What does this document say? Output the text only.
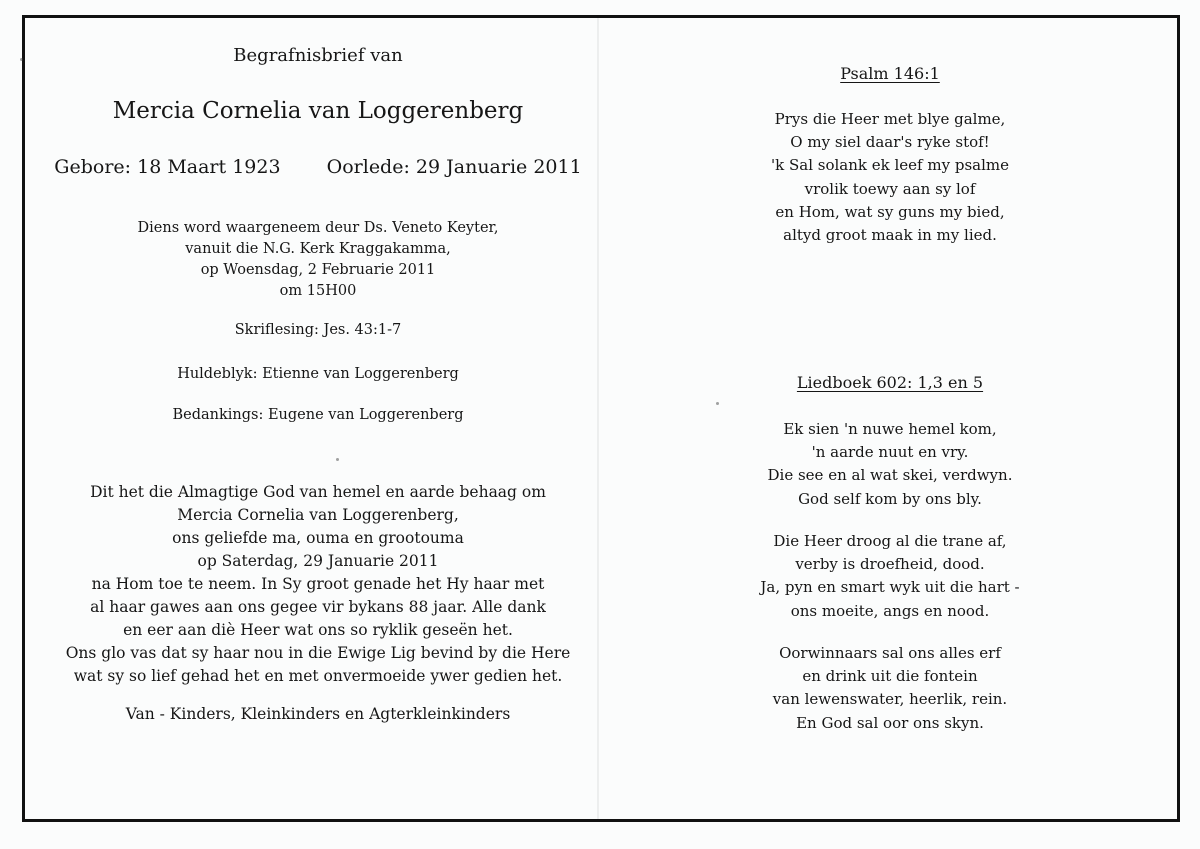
Begrafnisbrief van
Mercia Cornelia van Loggerenberg
Gebore: 18 Maart 1923 Oorlede: 29 Januarie 2011
Diens word waargeneem deur Ds. Veneto Keyter,
vanuit die N.G. Kerk Kraggakamma,
op Woensdag, 2 Februarie 2011
om 15H00
Skriflesing: Jes. 43:1-7
Huldeblyk: Etienne van Loggerenberg
Bedankings: Eugene van Loggerenberg
Dit het die Almagtige God van hemel en aarde behaag om
Mercia Cornelia van Loggerenberg,
ons geliefde ma, ouma en grootouma
op Saterdag, 29 Januarie 2011
na Hom toe te neem. In Sy groot genade het Hy haar met
al haar gawes aan ons gegee vir bykans 88 jaar. Alle dank
en eer aan diè Heer wat ons so ryklik geseën het.
Ons glo vas dat sy haar nou in die Ewige Lig bevind by die Here
wat sy so lief gehad het en met onvermoeide ywer gedien het.
Van - Kinders, Kleinkinders en Agterkleinkinders
Psalm 146:1
Prys die Heer met blye galme,
O my siel daar's ryke stof!
'k Sal solank ek leef my psalme
vrolik toewy aan sy lof
en Hom, wat sy guns my bied,
altyd groot maak in my lied.
Liedboek 602: 1,3 en 5
Ek sien 'n nuwe hemel kom,
'n aarde nuut en vry.
Die see en al wat skei, verdwyn.
God self kom by ons bly.
Die Heer droog al die trane af,
verby is droefheid, dood.
Ja, pyn en smart wyk uit die hart -
ons moeite, angs en nood.
Oorwinnaars sal ons alles erf
en drink uit die fontein
van lewenswater, heerlik, rein.
En God sal oor ons skyn.
